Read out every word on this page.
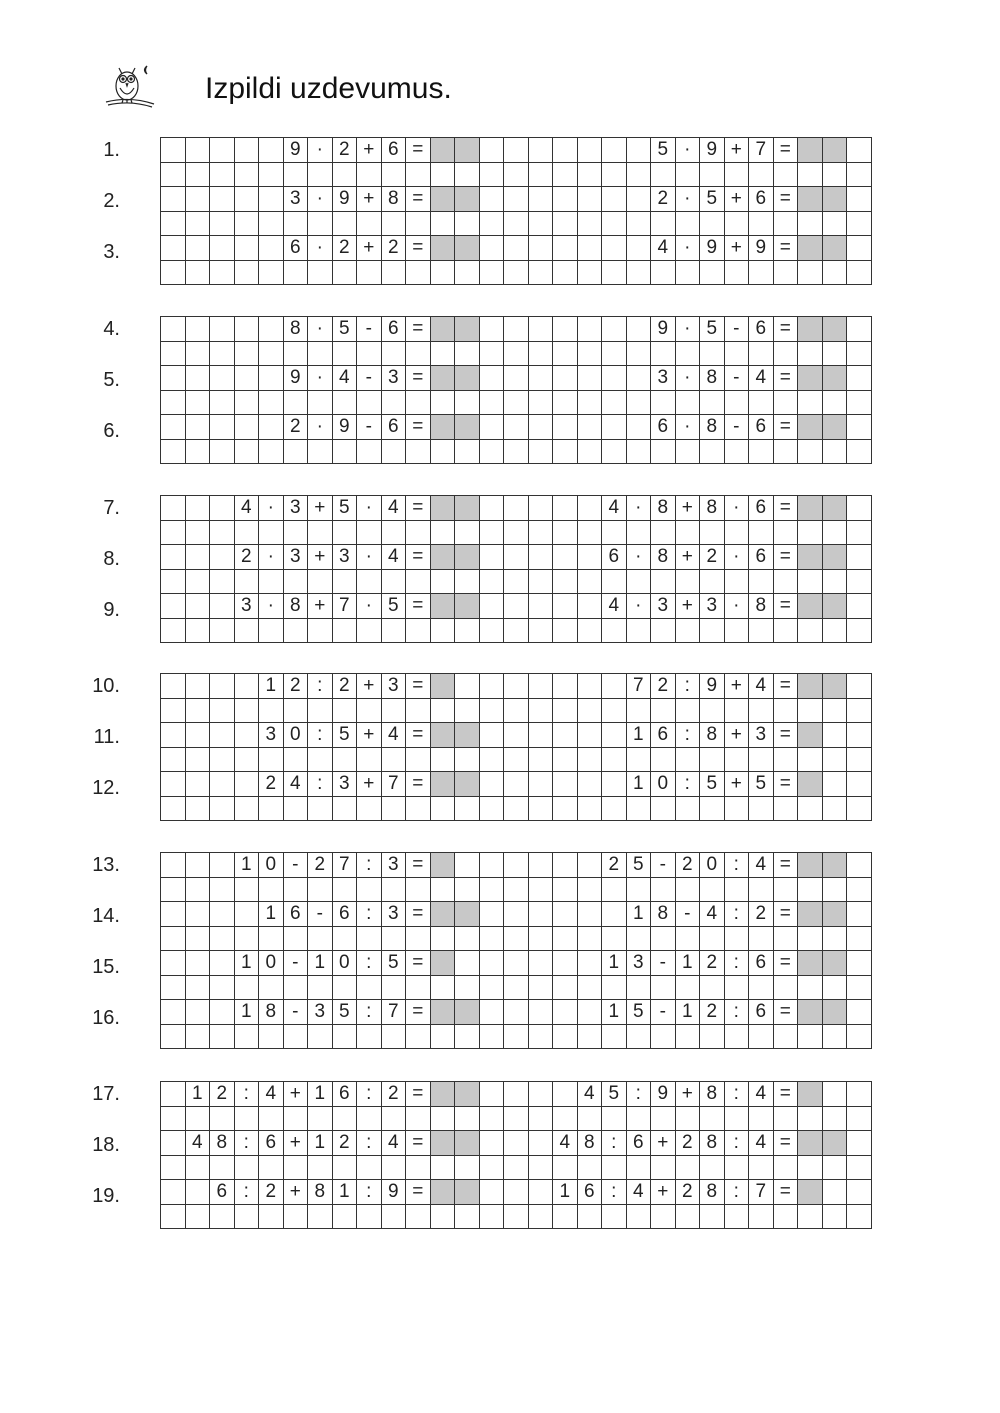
Izpildi uzdevumus.
1.
2.
3.
					9	·	2	+	6	=										5	·	9	+	7	=			

					3	·	9	+	8	=										2	·	5	+	6	=			

					6	·	2	+	2	=										4	·	9	+	9	=			

4.
5.
6.
					8	·	5	-	6	=										9	·	5	-	6	=			

					9	·	4	-	3	=										3	·	8	-	4	=			

					2	·	9	-	6	=										6	·	8	-	6	=			

7.
8.
9.
			4	·	3	+	5	·	4	=								4	·	8	+	8	·	6	=			

			2	·	3	+	3	·	4	=								6	·	8	+	2	·	6	=			

			3	·	8	+	7	·	5	=								4	·	3	+	3	·	8	=			

10.
11.
12.
				1	2	:	2	+	3	=									7	2	:	9	+	4	=			

				3	0	:	5	+	4	=									1	6	:	8	+	3	=			

				2	4	:	3	+	7	=									1	0	:	5	+	5	=			

13.
14.
15.
16.
			1	0	-	2	7	:	3	=								2	5	-	2	0	:	4	=			

				1	6	-	6	:	3	=									1	8	-	4	:	2	=			

			1	0	-	1	0	:	5	=								1	3	-	1	2	:	6	=			

			1	8	-	3	5	:	7	=								1	5	-	1	2	:	6	=			

17.
18.
19.
	1	2	:	4	+	1	6	:	2	=							4	5	:	9	+	8	:	4	=			

	4	8	:	6	+	1	2	:	4	=						4	8	:	6	+	2	8	:	4	=			

		6	:	2	+	8	1	:	9	=						1	6	:	4	+	2	8	:	7	=			
